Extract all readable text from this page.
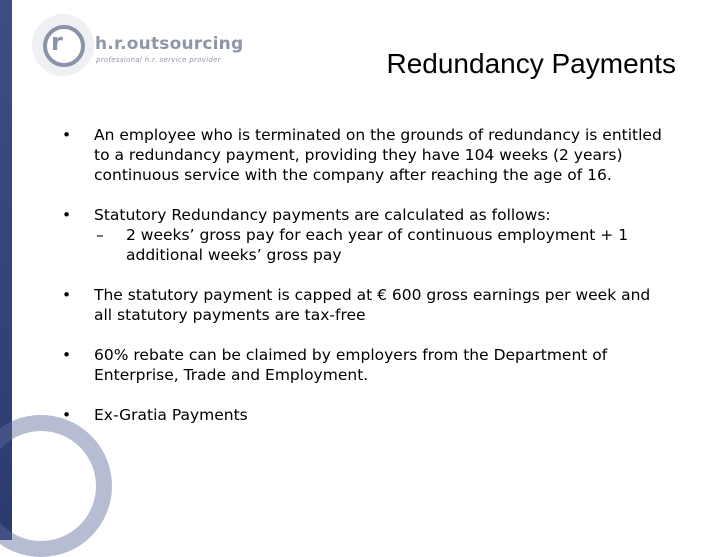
r h.r.outsourcing
professional h.r. service provider	Redundancy Payments
• An employee who is terminated on the grounds of redundancy is entitled to a redundancy payment, providing they have 104 weeks (2 years) continuous service with the company after reaching the age of 16.
• Statutory Redundancy payments are calculated as follows:
– 2 weeks’ gross pay for each year of continuous employment + 1 additional weeks’ gross pay
• The statutory payment is capped at € 600 gross earnings per week and all statutory payments are tax-free
• 60% rebate can be claimed by employers from the Department of Enterprise, Trade and Employment.
• Ex-Gratia Payments
